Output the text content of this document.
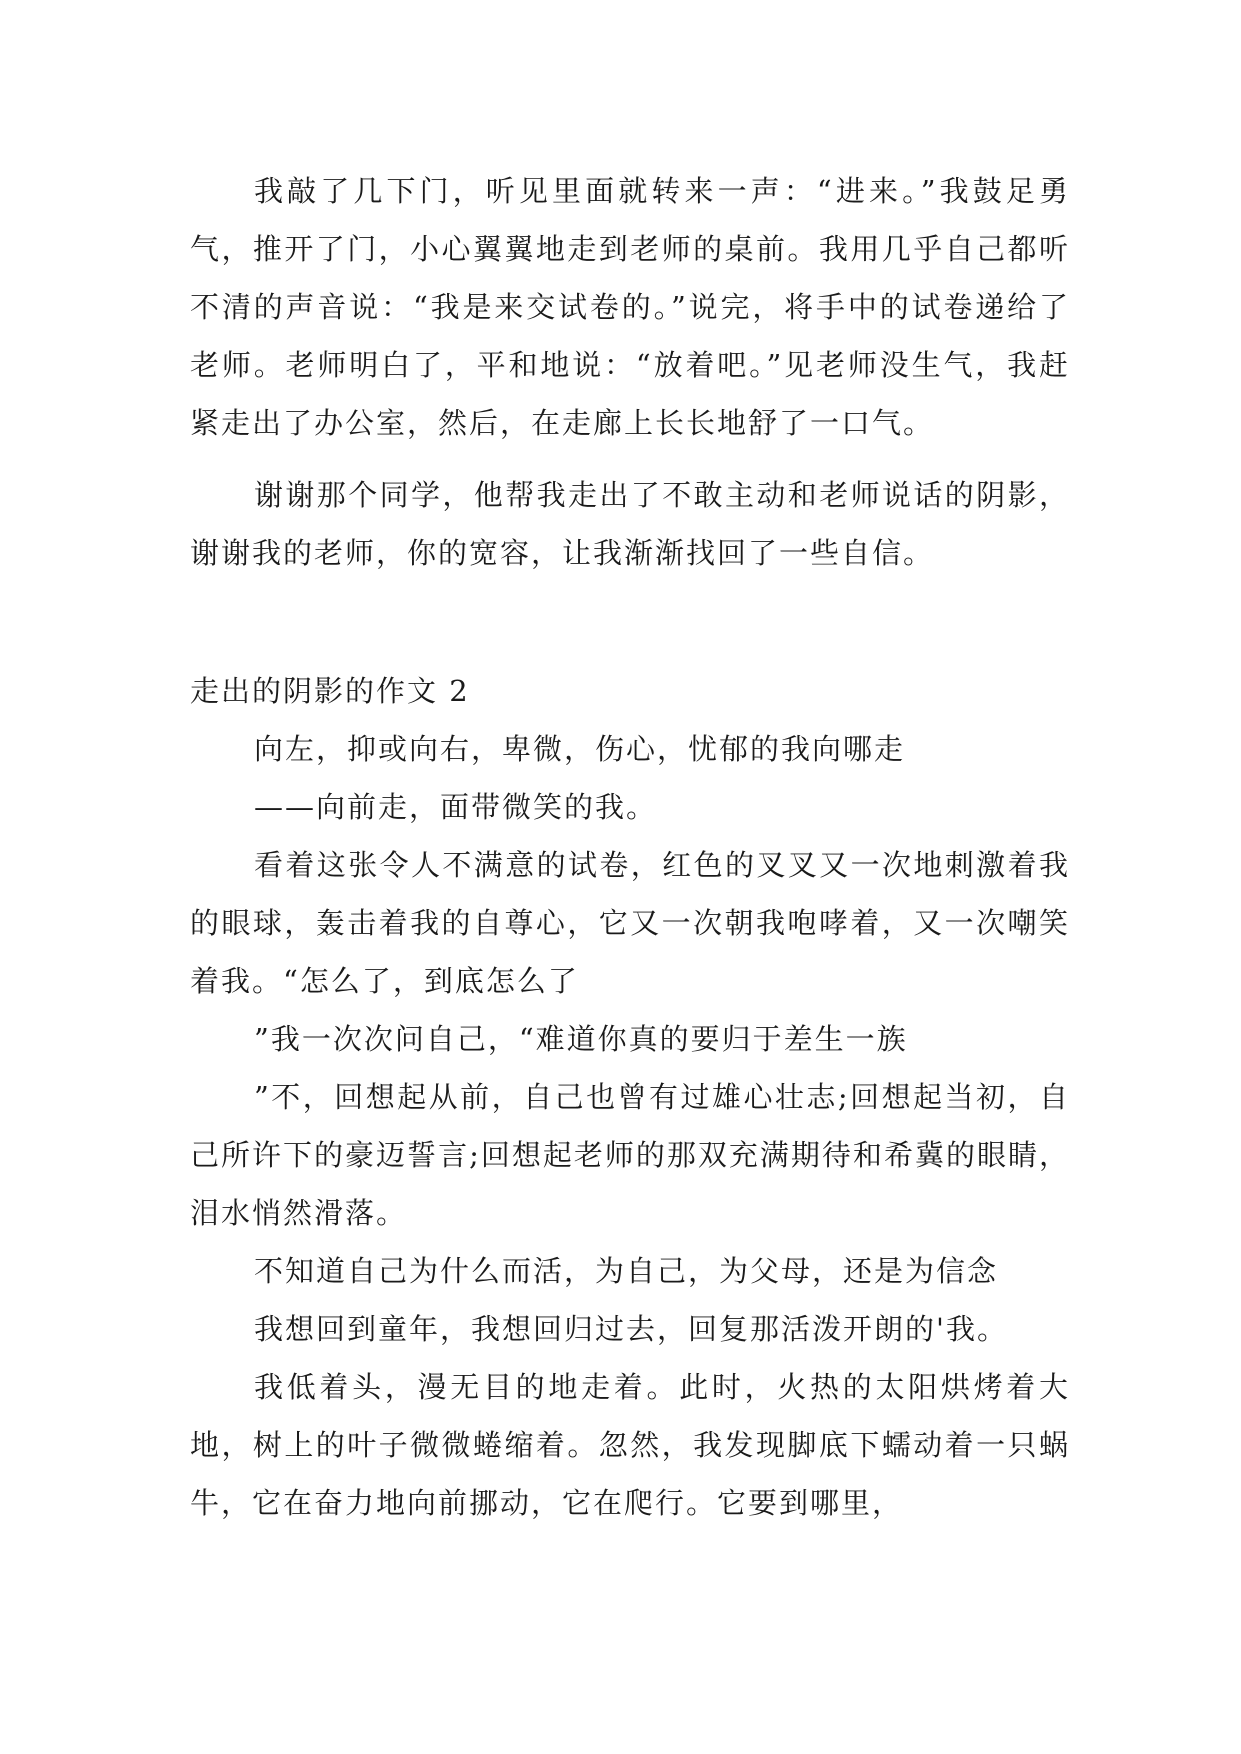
我敲了几下门，听见里面就转来一声：“进来。”我鼓足勇气，推开了门，小心翼翼地走到老师的桌前。我用几乎自己都听不清的声音说：“我是来交试卷的。”说完，将手中的试卷递给了老师。老师明白了，平和地说：“放着吧。”见老师没生气，我赶紧走出了办公室，然后，在走廊上长长地舒了一口气。

谢谢那个同学，他帮我走出了不敢主动和老师说话的阴影，谢谢我的老师，你的宽容，让我渐渐找回了一些自信。

走出的阴影的作文 2

向左，抑或向右，卑微，伤心，忧郁的我向哪走

——向前走，面带微笑的我。

看着这张令人不满意的试卷，红色的叉叉又一次地刺激着我的眼球，轰击着我的自尊心，它又一次朝我咆哮着，又一次嘲笑着我。“怎么了，到底怎么了

”我一次次问自己，“难道你真的要归于差生一族

”不，回想起从前，自己也曾有过雄心壮志;回想起当初，自己所许下的豪迈誓言;回想起老师的那双充满期待和希冀的眼睛，泪水悄然滑落。

不知道自己为什么而活，为自己，为父母，还是为信念

我想回到童年，我想回归过去，回复那活泼开朗的'我。

我低着头，漫无目的地走着。此时，火热的太阳烘烤着大地，树上的叶子微微蜷缩着。忽然，我发现脚底下蠕动着一只蜗牛，它在奋力地向前挪动，它在爬行。它要到哪里，
